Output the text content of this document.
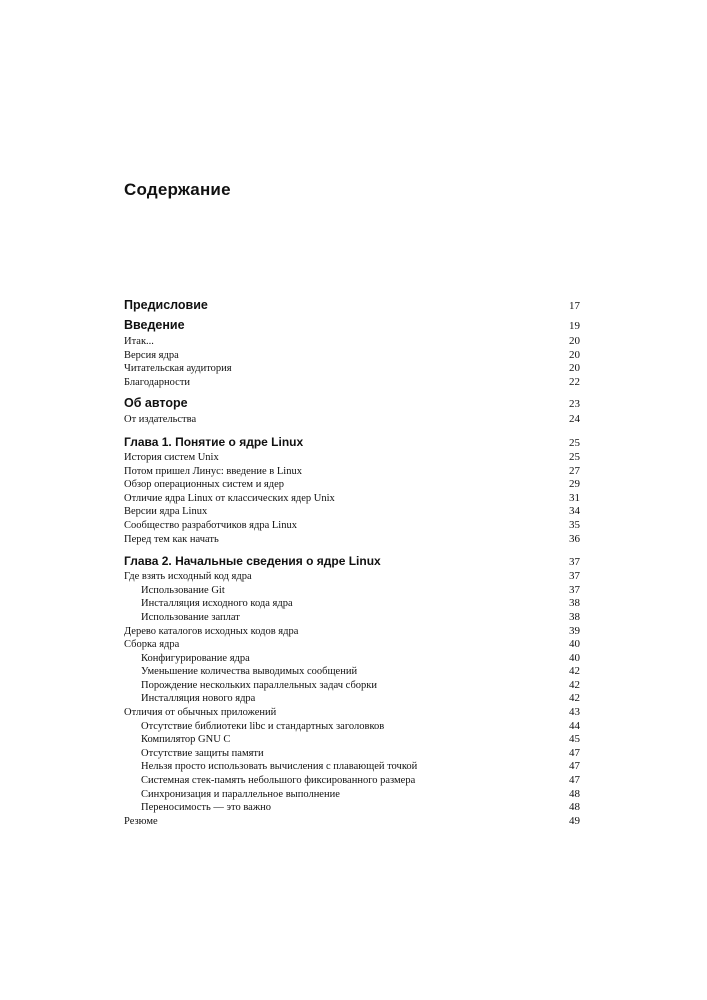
Содержание
Предисловие	17
Введение	19
Итак...	20
Версия ядра	20
Читательская аудитория	20
Благодарности	22
Об авторе	23
От издательства	24
Глава 1. Понятие о ядре Linux	25
История систем Unix	25
Потом пришел Линус: введение в Linux	27
Обзор операционных систем и ядер	29
Отличие ядра Linux от классических ядер Unix	31
Версии ядра Linux	34
Сообщество разработчиков ядра Linux	35
Перед тем как начать	36
Глава 2. Начальные сведения о ядре Linux	37
Где взять исходный код ядра	37
Использование Git	37
Инсталляция исходного кода ядра	38
Использование заплат	38
Дерево каталогов исходных кодов ядра	39
Сборка ядра	40
Конфигурирование ядра	40
Уменьшение количества выводимых сообщений	42
Порождение нескольких параллельных задач сборки	42
Инсталляция нового ядра	42
Отличия от обычных приложений	43
Отсутствие библиотеки libc и стандартных заголовков	44
Компилятор GNU C	45
Отсутствие защиты памяти	47
Нельзя просто использовать вычисления с плавающей точкой	47
Системная стек-память небольшого фиксированного размера	47
Синхронизация и параллельное выполнение	48
Переносимость — это важно	48
Резюме	49
